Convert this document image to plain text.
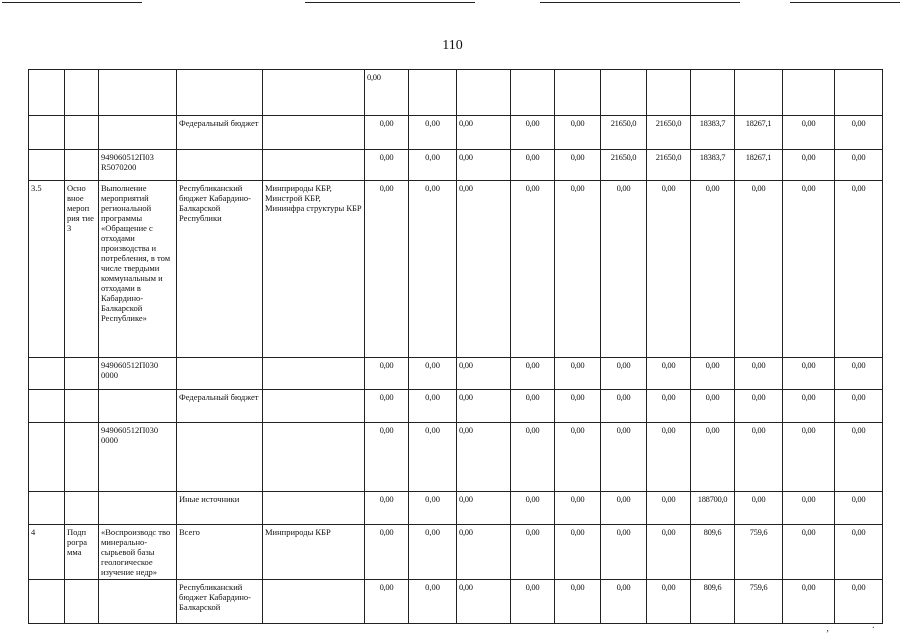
110
					0,00										
			Федеральный бюджет		0,00	0,00	0,00	0,00	0,00	21650,0	21650,0	18383,7	18267,1	0,00	0,00
		949060512П03 R5070200			0,00	0,00	0,00	0,00	0,00	21650,0	21650,0	18383,7	18267,1	0,00	0,00
3.5	Осно вное мероп рия тие 3	Выполнение мероприятий региональной программы «Обращение с отходами производства и потребления, в том числе твердыми коммунальным и отходами в Кабардино-Балкарской Республике»	Республиканский бюджет Кабардино-Балкарской Республики	Минприроды КБР, Минстрой КБР, Мининфра структуры КБР	0,00	0,00	0,00	0,00	0,00	0,00	0,00	0,00	0,00	0,00	0,00
		949060512П030 0000			0,00	0,00	0,00	0,00	0,00	0,00	0,00	0,00	0,00	0,00	0,00
			Федеральный бюджет		0,00	0,00	0,00	0,00	0,00	0,00	0,00	0,00	0,00	0,00	0,00
		949060512П030 0000			0,00	0,00	0,00	0,00	0,00	0,00	0,00	0,00	0,00	0,00	0,00
			Иные источники		0,00	0,00	0,00	0,00	0,00	0,00	0,00	188700,0	0,00	0,00	0,00
4	Подп рогра мма	«Воспроизводс тво минерально-сырьевой базы геологическое изучение недр»	Всего	Минприроды КБР	0,00	0,00	0,00	0,00	0,00	0,00	0,00	809,6	759,6	0,00	0,00
			Республиканский бюджет Кабардино-Балкарской		0,00	0,00	0,00	0,00	0,00	0,00	0,00	809,6	759,6	0,00	0,00
‚ ·
